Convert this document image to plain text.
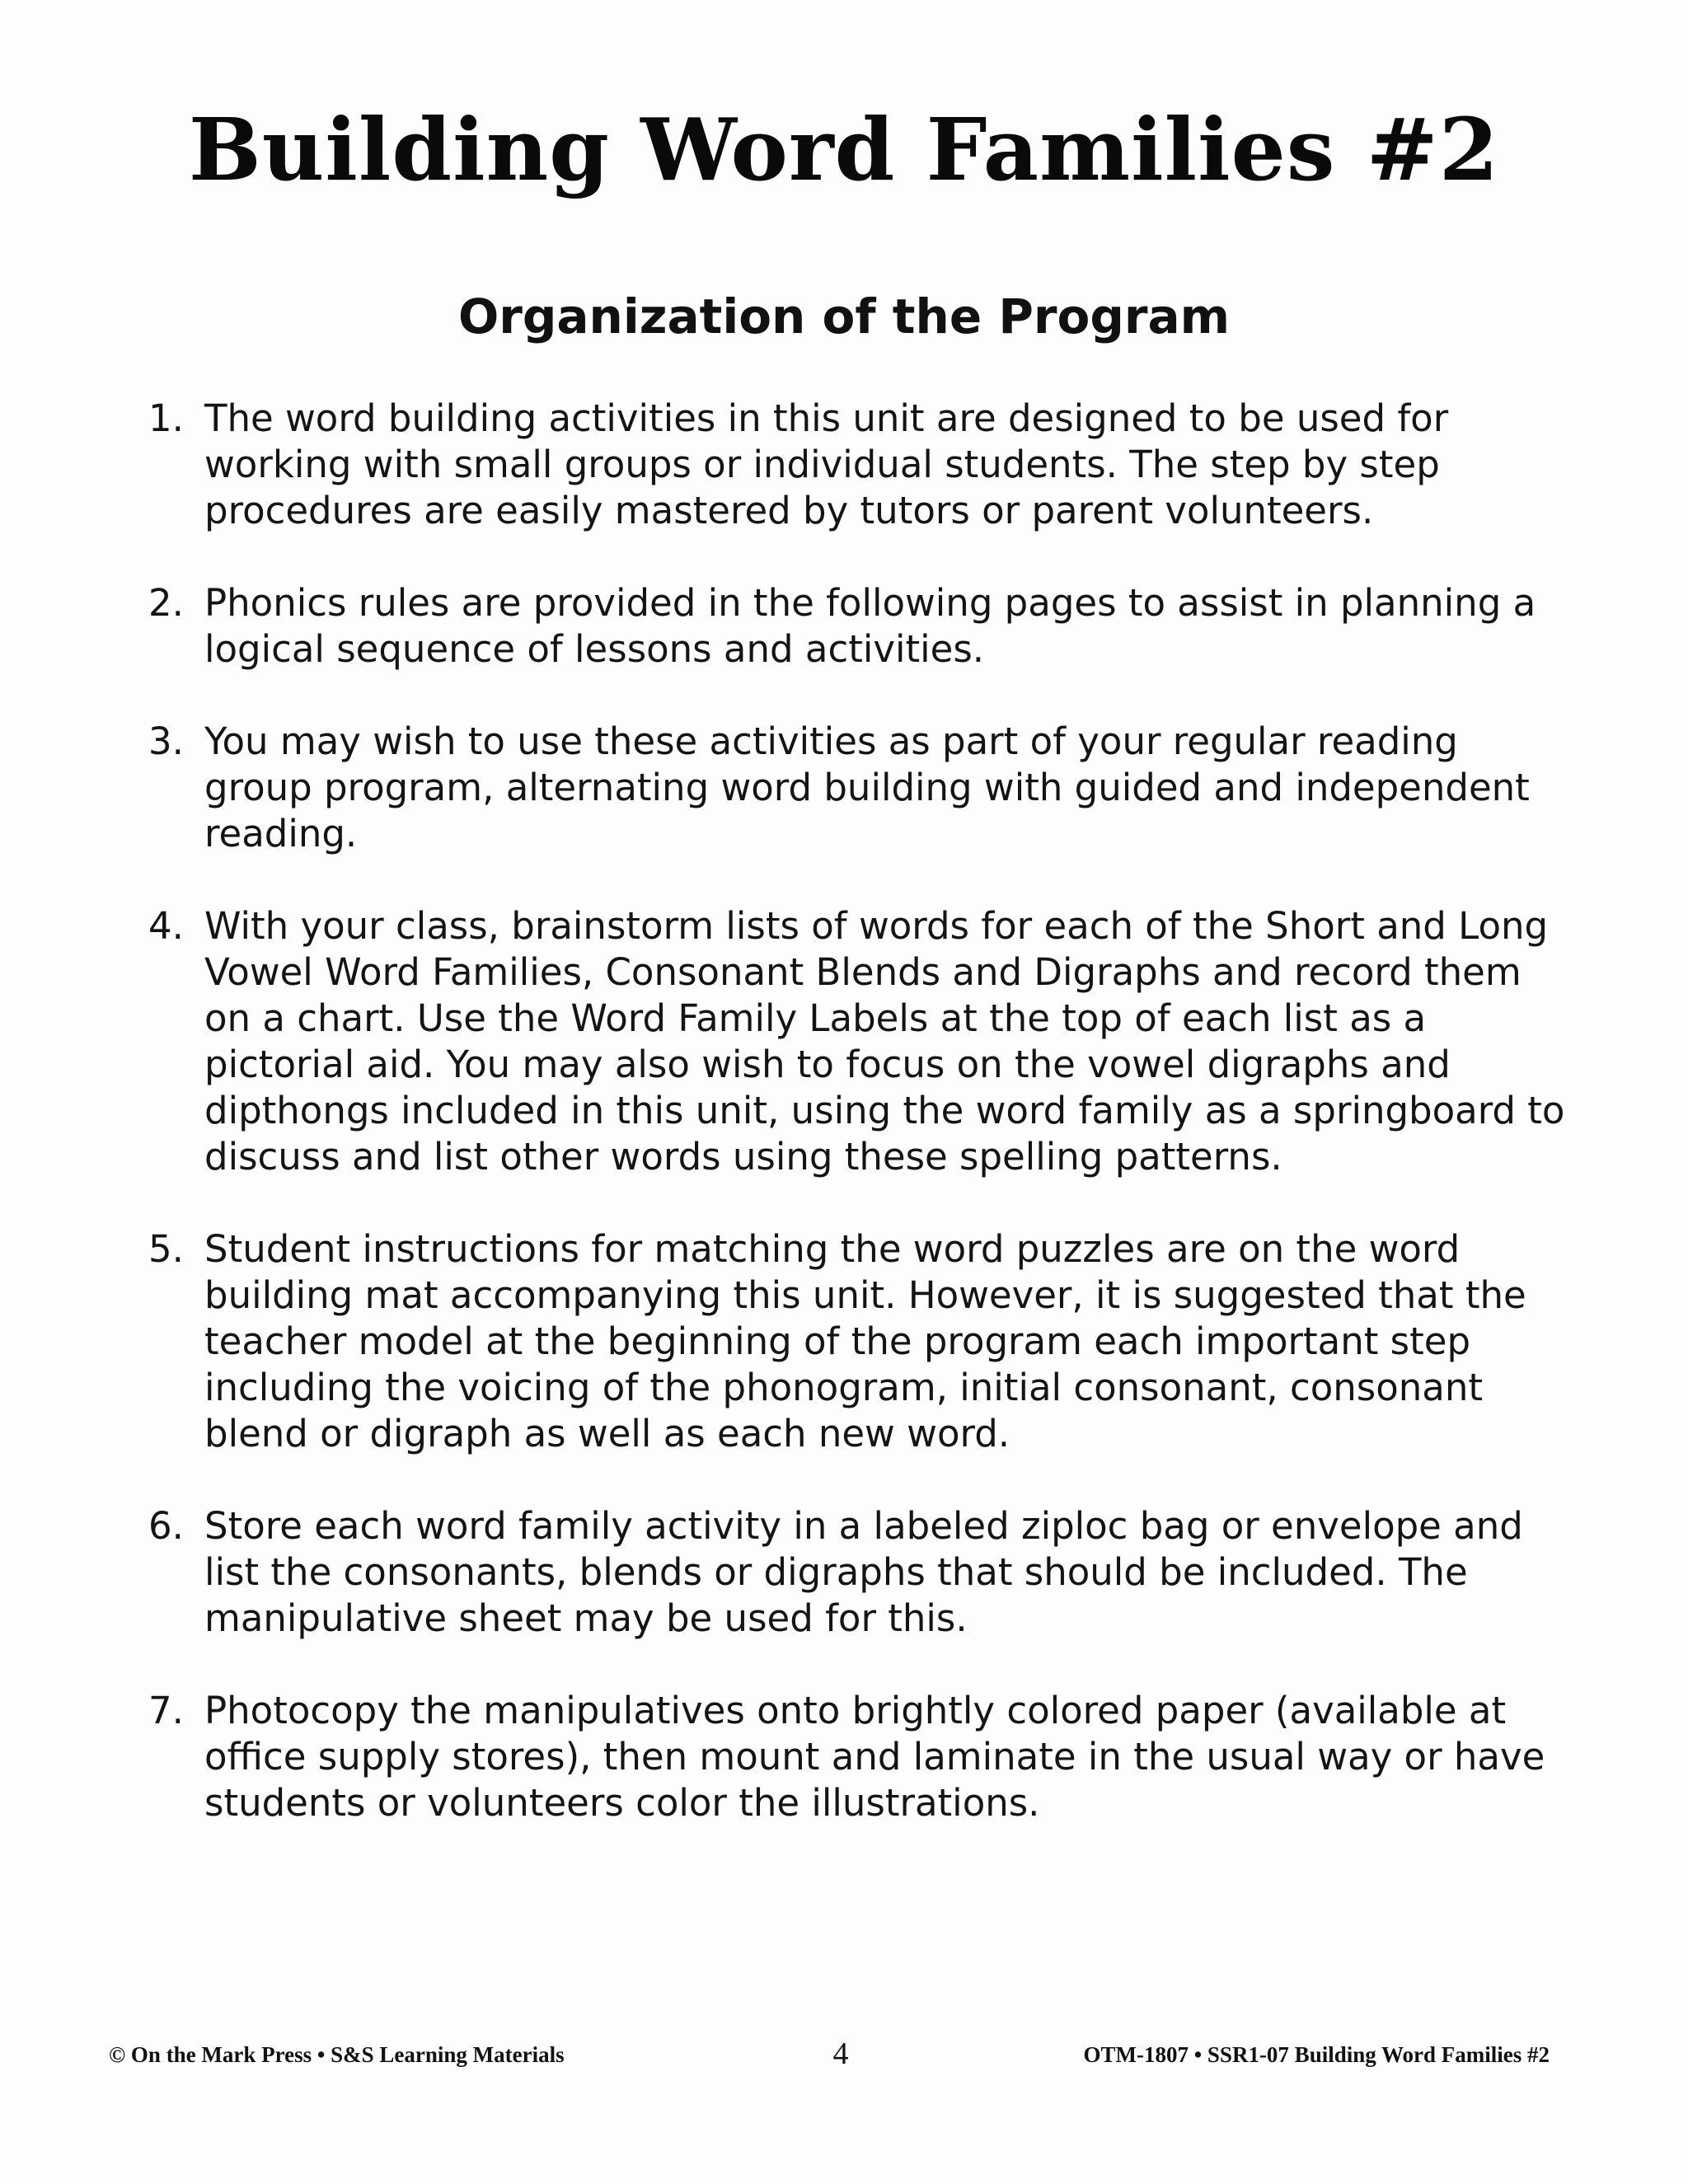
Building Word Families #2
Organization of the Program
1. The word building activities in this unit are designed to be used for working with small groups or individual students. The step by step procedures are easily mastered by tutors or parent volunteers.
2. Phonics rules are provided in the following pages to assist in planning a logical sequence of lessons and activities.
3. You may wish to use these activities as part of your regular reading group program, alternating word building with guided and independent reading.
4. With your class, brainstorm lists of words for each of the Short and Long Vowel Word Families, Consonant Blends and Digraphs and record them on a chart. Use the Word Family Labels at the top of each list as a pictorial aid. You may also wish to focus on the vowel digraphs and dipthongs included in this unit, using the word family as a springboard to discuss and list other words using these spelling patterns.
5. Student instructions for matching the word puzzles are on the word building mat accompanying this unit. However, it is suggested that the teacher model at the beginning of the program each important step including the voicing of the phonogram, initial consonant, consonant blend or digraph as well as each new word.
6. Store each word family activity in a labeled ziploc bag or envelope and list the consonants, blends or digraphs that should be included. The manipulative sheet may be used for this.
7. Photocopy the manipulatives onto brightly colored paper (available at office supply stores), then mount and laminate in the usual way or have students or volunteers color the illustrations.
© On the Mark Press • S&S Learning Materials	4	OTM-1807 • SSR1-07 Building Word Families #2
